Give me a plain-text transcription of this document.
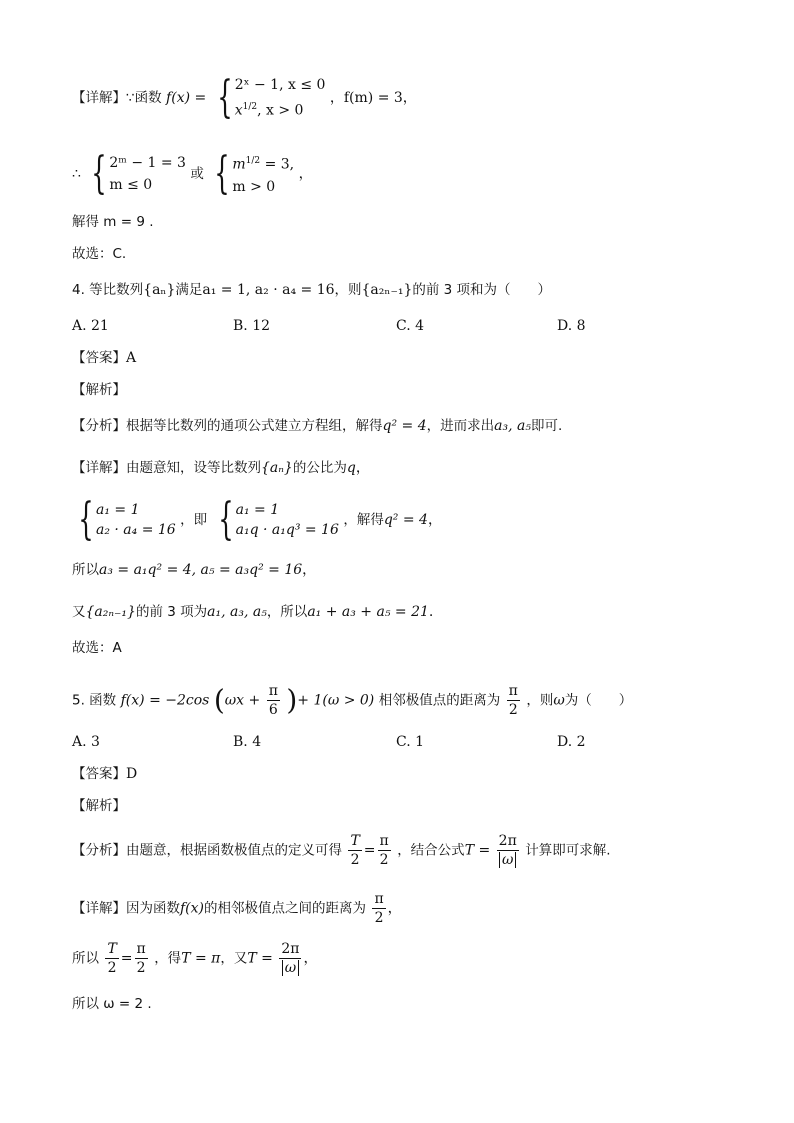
【详解】∵函数 f(x) = { 2ˣ − 1, x ≤ 0
$x^{1/2}$, x > 0
，f(m) = 3，
∴ { 2ᵐ − 1 = 3
m ≤ 0
或 { $m^{1/2} = 3$,
m > 0
，
解得 m = 9 .
故选：C.
4. 等比数列{aₙ}满足a₁ = 1, a₂ · a₄ = 16，则{a₂ₙ₋₁}的前 3 项和为（　　）
A. 21	B. 12	C. 4	D. 8
【答案】A
【解析】
【分析】根据等比数列的通项公式建立方程组，解得q² = 4，进而求出a₃, a₅即可.
【详解】由题意知，设等比数列{aₙ}的公比为q，
{ a₁ = 1
a₂ · a₄ = 16
，即 { a₁ = 1
a₁q · a₁q³ = 16
，解得q² = 4，
所以a₃ = a₁q² = 4, a₅ = a₃q² = 16，
又{a₂ₙ₋₁}的前 3 项为a₁, a₃, a₅，所以a₁ + a₃ + a₅ = 21.
故选：A
5. 函数 f(x) = −2cos ($\omega x + \frac{\pi}{6}$ )+ 1(ω > 0) 相邻极值点的距离为 $\frac{\pi}{2}$ ，则ω为（　　）
A. 3	B. 4	C. 1	D. 2
【答案】D
【解析】
【分析】由题意，根据函数极值点的定义可得 $\frac{T}{2} = \frac{\pi}{2}$ ，结合公式$T = \frac{2\pi}{\omega}$ 计算即可求解.
【详解】因为函数f(x)的相邻极值点之间的距离为 $\frac{\pi}{2}$ ，
所以 $\frac{T}{2} = \frac{\pi}{2}$ ，得T = π，又$T = \frac{2\pi}{\omega}$ ，
所以 ω = 2 .
